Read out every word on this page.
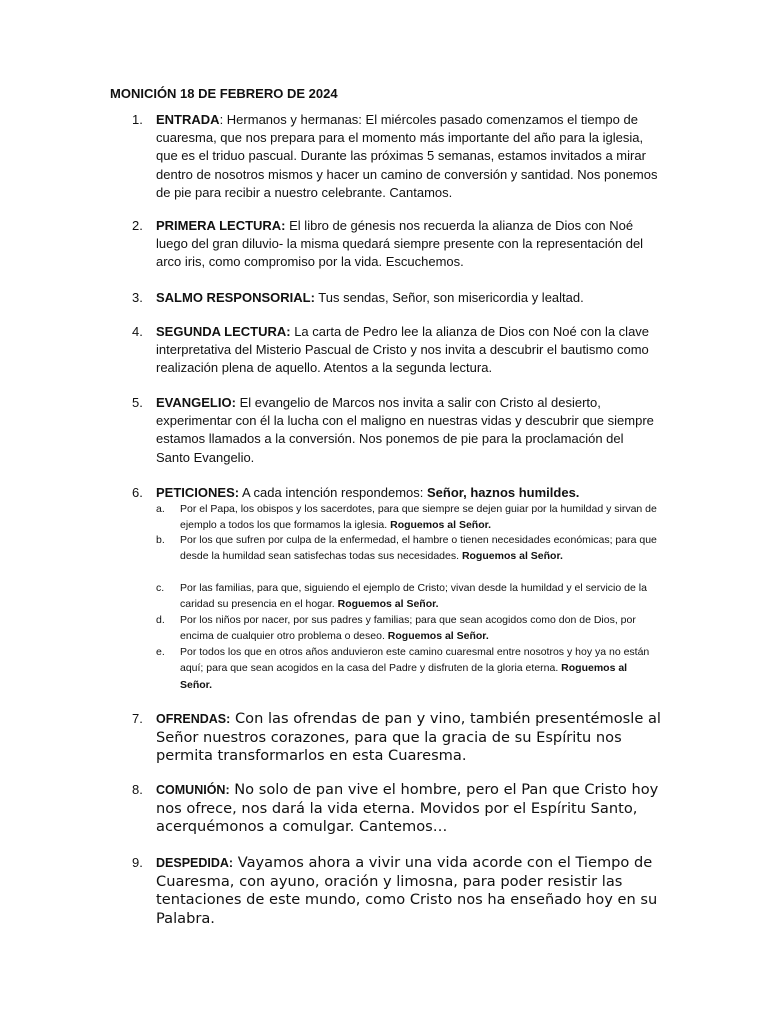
MONICIÓN 18 DE FEBRERO DE 2024
1.	ENTRADA: Hermanos y hermanas: El miércoles pasado comenzamos el tiempo de cuaresma, que nos prepara para el momento más importante del año para la iglesia, que es el triduo pascual. Durante las próximas 5 semanas, estamos invitados a mirar dentro de nosotros mismos y hacer un camino de conversión y santidad. Nos ponemos de pie para recibir a nuestro celebrante. Cantamos.
2.	PRIMERA LECTURA: El libro de génesis nos recuerda la alianza de Dios con Noé luego del gran diluvio- la misma quedará siempre presente con la representación del arco iris, como compromiso por la vida. Escuchemos.
3.	SALMO RESPONSORIAL: Tus sendas, Señor, son misericordia y lealtad.
4.	SEGUNDA LECTURA: La carta de Pedro lee la alianza de Dios con Noé con la clave interpretativa del Misterio Pascual de Cristo y nos invita a descubrir el bautismo como realización plena de aquello. Atentos a la segunda lectura.
5.	EVANGELIO: El evangelio de Marcos nos invita a salir con Cristo al desierto, experimentar con él la lucha con el maligno en nuestras vidas y descubrir que siempre estamos llamados a la conversión. Nos ponemos de pie para la proclamación del Santo Evangelio.
6.	PETICIONES: A cada intención respondemos: Señor, haznos humildes.
a. Por el Papa, los obispos y los sacerdotes, para que siempre se dejen guiar por la humildad y sirvan de ejemplo a todos los que formamos la iglesia. Roguemos al Señor.
b. Por los que sufren por culpa de la enfermedad, el hambre o tienen necesidades económicas; para que desde la humildad sean satisfechas todas sus necesidades. Roguemos al Señor.
c. Por las familias, para que, siguiendo el ejemplo de Cristo; vivan desde la humildad y el servicio de la caridad su presencia en el hogar. Roguemos al Señor.
d. Por los niños por nacer, por sus padres y familias; para que sean acogidos como don de Dios, por encima de cualquier otro problema o deseo. Roguemos al Señor.
e. Por todos los que en otros años anduvieron este camino cuaresmal entre nosotros y hoy ya no están aquí; para que sean acogidos en la casa del Padre y disfruten de la gloria eterna. Roguemos al Señor.
7.	OFRENDAS: Con las ofrendas de pan y vino, también presentémosle al Señor nuestros corazones, para que la gracia de su Espíritu nos permita transformarlos en esta Cuaresma.
8.	COMUNIÓN: No solo de pan vive el hombre, pero el Pan que Cristo hoy nos ofrece, nos dará la vida eterna. Movidos por el Espíritu Santo, acerquémonos a comulgar. Cantemos…
9.	DESPEDIDA: Vayamos ahora a vivir una vida acorde con el Tiempo de Cuaresma, con ayuno, oración y limosna, para poder resistir las tentaciones de este mundo, como Cristo nos ha enseñado hoy en su Palabra.
